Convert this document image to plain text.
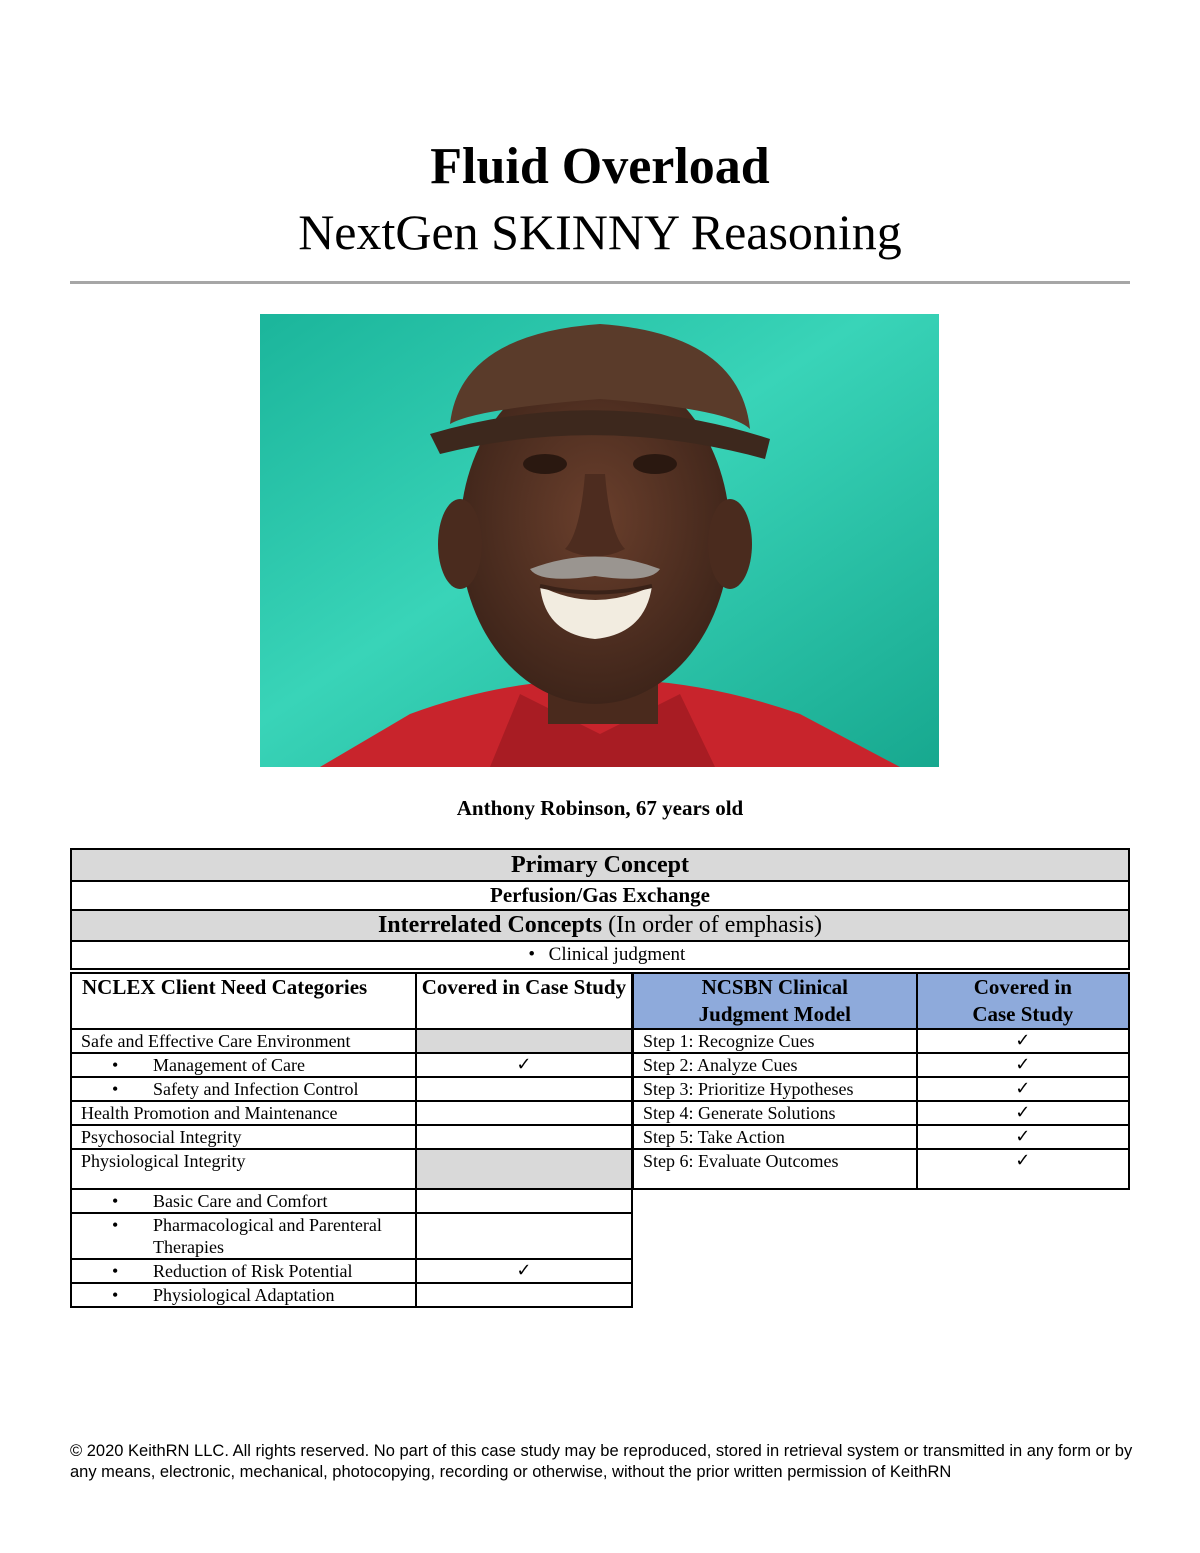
Fluid Overload
NextGen SKINNY Reasoning
Anthony Robinson, 67 years old
Primary Concept
Perfusion/Gas Exchange
Interrelated Concepts (In order of emphasis)
• Clinical judgment
NCLEX Client Need Categories	Covered in Case Study
Safe and Effective Care Environment	
• Management of Care	✓
• Safety and Infection Control	
Health Promotion and Maintenance	
Psychosocial Integrity	
Physiological Integrity	
• Basic Care and Comfort	

• Pharmacological and Parenteral Therapies	

• Reduction of Risk Potential	✓
• Physiological Adaptation	
NCSBN Clinical Judgment Model	Covered in Case Study
Step 1: Recognize Cues	✓
Step 2: Analyze Cues	✓
Step 3: Prioritize Hypotheses	✓
Step 4: Generate Solutions	✓
Step 5: Take Action	✓
Step 6: Evaluate Outcomes	✓
© 2020 KeithRN LLC. All rights reserved. No part of this case study may be reproduced, stored in retrieval system or transmitted in any form or by any means, electronic, mechanical, photocopying, recording or otherwise, without the prior written permission of KeithRN
